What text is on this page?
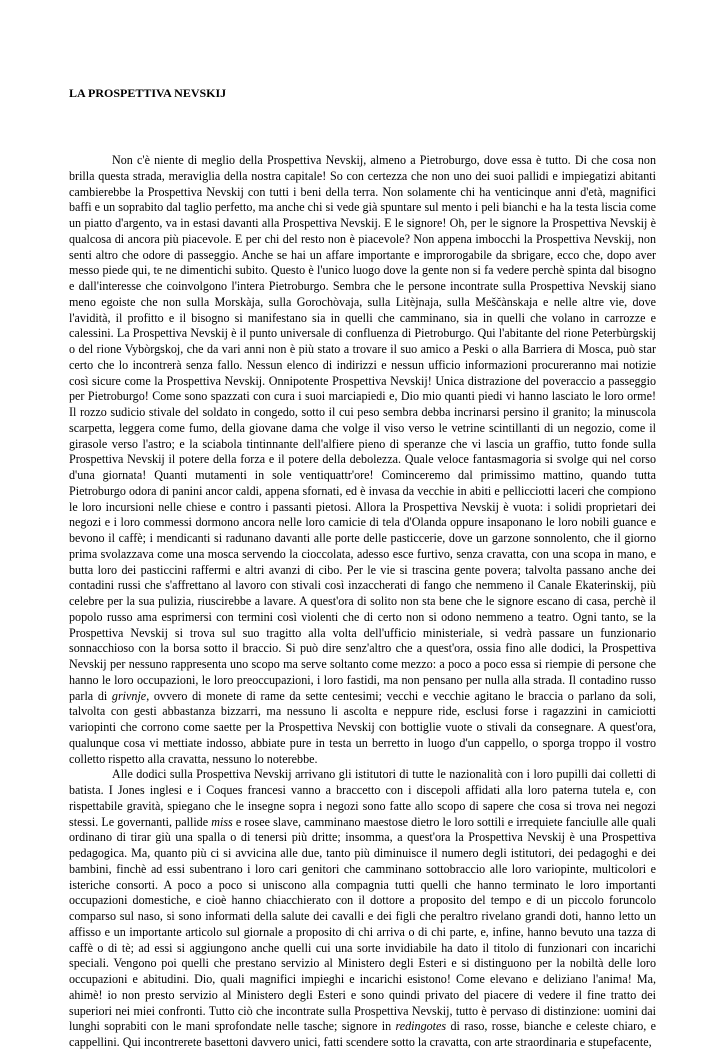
LA PROSPETTIVA NEVSKIJ

Non c'è niente di meglio della Prospettiva Nevskij, almeno a Pietroburgo, dove essa è tutto. Di che cosa non brilla questa strada, meraviglia della nostra capitale! So con certezza che non uno dei suoi pallidi e impiegatizi abitanti cambierebbe la Prospettiva Nevskij con tutti i beni della terra. Non solamente chi ha venticinque anni d'età, magnifici baffi e un soprabito dal taglio perfetto, ma anche chi si vede già spuntare sul mento i peli bianchi e ha la testa liscia come un piatto d'argento, va in estasi davanti alla Prospettiva Nevskij. E le signore! Oh, per le signore la Prospettiva Nevskij è qualcosa di ancora più piacevole. E per chi del resto non è piacevole? Non appena imbocchi la Prospettiva Nevskij, non senti altro che odore di passeggio. Anche se hai un affare importante e improrogabile da sbrigare, ecco che, dopo aver messo piede qui, te ne dimentichi subito. Questo è l'unico luogo dove la gente non si fa vedere perchè spinta dal bisogno e dall'interesse che coinvolgono l'intera Pietroburgo. Sembra che le persone incontrate sulla Prospettiva Nevskij siano meno egoiste che non sulla Morskàja, sulla Gorochòvaja, sulla Litèjnaja, sulla Meščànskaja e nelle altre vie, dove l'avidità, il profitto e il bisogno si manifestano sia in quelli che camminano, sia in quelli che volano in carrozze e calessini. La Prospettiva Nevskij è il punto universale di confluenza di Pietroburgo. Qui l'abitante del rione Peterbùrgskij o del rione Vybòrgskoj, che da vari anni non è più stato a trovare il suo amico a Peski o alla Barriera di Mosca, può star certo che lo incontrerà senza fallo. Nessun elenco di indirizzi e nessun ufficio informazioni procureranno mai notizie così sicure come la Prospettiva Nevskij. Onnipotente Prospettiva Nevskij! Unica distrazione del poveraccio a passeggio per Pietroburgo! Come sono spazzati con cura i suoi marciapiedi e, Dio mio quanti piedi vi hanno lasciato le loro orme! Il rozzo sudicio stivale del soldato in congedo, sotto il cui peso sembra debba incrinarsi persino il granito; la minuscola scarpetta, leggera come fumo, della giovane dama che volge il viso verso le vetrine scintillanti di un negozio, come il girasole verso l'astro; e la sciabola tintinnante dell'alfiere pieno di speranze che vi lascia un graffio, tutto fonde sulla Prospettiva Nevskij il potere della forza e il potere della debolezza. Quale veloce fantasmagoria si svolge qui nel corso d'una giornata! Quanti mutamenti in sole ventiquattr'ore! Cominceremo dal primissimo mattino, quando tutta Pietroburgo odora di panini ancor caldi, appena sfornati, ed è invasa da vecchie in abiti e pellicciotti laceri che compiono le loro incursioni nelle chiese e contro i passanti pietosi. Allora la Prospettiva Nevskij è vuota: i solidi proprietari dei negozi e i loro commessi dormono ancora nelle loro camicie di tela d'Olanda oppure insaponano le loro nobili guance e bevono il caffè; i mendicanti si radunano davanti alle porte delle pasticcerie, dove un garzone sonnolento, che il giorno prima svolazzava come una mosca servendo la cioccolata, adesso esce furtivo, senza cravatta, con una scopa in mano, e butta loro dei pasticcini raffermi e altri avanzi di cibo. Per le vie si trascina gente povera; talvolta passano anche dei contadini russi che s'affrettano al lavoro con stivali così inzaccherati di fango che nemmeno il Canale Ekaterinskij, più celebre per la sua pulizia, riuscirebbe a lavare. A quest'ora di solito non sta bene che le signore escano di casa, perchè il popolo russo ama esprimersi con termini così violenti che di certo non si odono nemmeno a teatro. Ogni tanto, se la Prospettiva Nevskij si trova sul suo tragitto alla volta dell'ufficio ministeriale, si vedrà passare un funzionario sonnacchioso con la borsa sotto il braccio. Si può dire senz'altro che a quest'ora, ossia fino alle dodici, la Prospettiva Nevskij per nessuno rappresenta uno scopo ma serve soltanto come mezzo: a poco a poco essa si riempie di persone che hanno le loro occupazioni, le loro preoccupazioni, i loro fastidi, ma non pensano per nulla alla strada. Il contadino russo parla di grivnje, ovvero di monete di rame da sette centesimi; vecchi e vecchie agitano le braccia o parlano da soli, talvolta con gesti abbastanza bizzarri, ma nessuno li ascolta e neppure ride, esclusi forse i ragazzini in camiciotti variopinti che corrono come saette per la Prospettiva Nevskij con bottiglie vuote o stivali da consegnare. A quest'ora, qualunque cosa vi mettiate indosso, abbiate pure in testa un berretto in luogo d'un cappello, o sporga troppo il vostro colletto rispetto alla cravatta, nessuno lo noterebbe.

Alle dodici sulla Prospettiva Nevskij arrivano gli istitutori di tutte le nazionalità con i loro pupilli dai colletti di batista. I Jones inglesi e i Coques francesi vanno a braccetto con i discepoli affidati alla loro paterna tutela e, con rispettabile gravità, spiegano che le insegne sopra i negozi sono fatte allo scopo di sapere che cosa si trova nei negozi stessi. Le governanti, pallide miss e rosee slave, camminano maestose dietro le loro sottili e irrequiete fanciulle alle quali ordinano di tirar giù una spalla o di tenersi più dritte; insomma, a quest'ora la Prospettiva Nevskij è una Prospettiva pedagogica. Ma, quanto più ci si avvicina alle due, tanto più diminuisce il numero degli istitutori, dei pedagoghi e dei bambini, finchè ad essi subentrano i loro cari genitori che camminano sottobraccio alle loro variopinte, multicolori e isteriche consorti. A poco a poco si uniscono alla compagnia tutti quelli che hanno terminato le loro importanti occupazioni domestiche, e cioè hanno chiacchierato con il dottore a proposito del tempo e di un piccolo foruncolo comparso sul naso, si sono informati della salute dei cavalli e dei figli che peraltro rivelano grandi doti, hanno letto un affisso e un importante articolo sul giornale a proposito di chi arriva o di chi parte, e, infine, hanno bevuto una tazza di caffè o di tè; ad essi si aggiungono anche quelli cui una sorte invidiabile ha dato il titolo di funzionari con incarichi speciali. Vengono poi quelli che prestano servizio al Ministero degli Esteri e si distinguono per la nobiltà delle loro occupazioni e abitudini. Dio, quali magnifici impieghi e incarichi esistono! Come elevano e deliziano l'anima! Ma, ahimè! io non presto servizio al Ministero degli Esteri e sono quindi privato del piacere di vedere il fine tratto dei superiori nei miei confronti. Tutto ciò che incontrate sulla Prospettiva Nevskij, tutto è pervaso di distinzione: uomini dai lunghi soprabiti con le mani sprofondate nelle tasche; signore in redingotes di raso, rosse, bianche e celeste chiaro, e cappellini. Qui incontrerete basettoni davvero unici, fatti scendere sotto la cravatta, con arte straordinaria e stupefacente,
